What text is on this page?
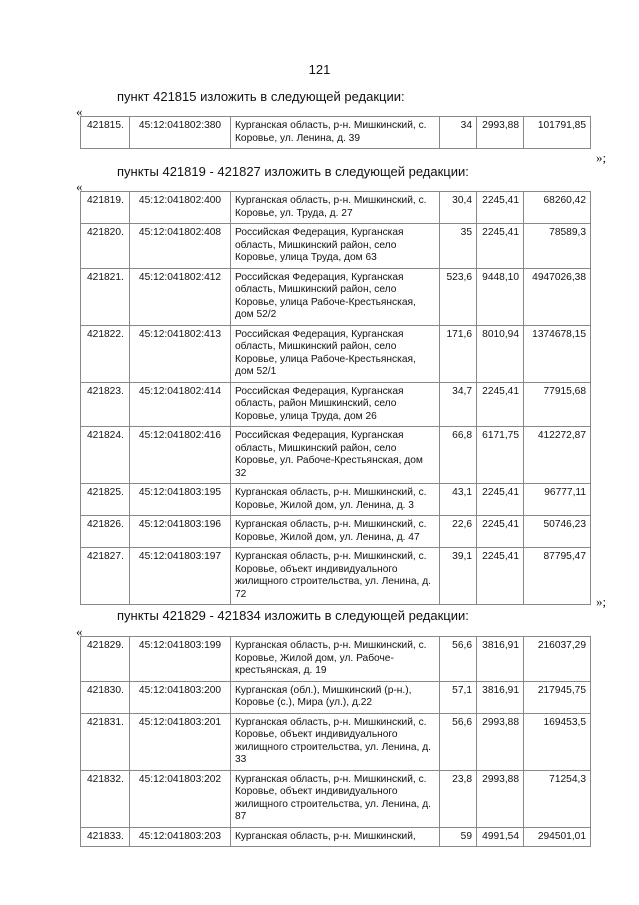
121
пункт 421815 изложить в следующей редакции:
«
421815.	45:12:041802:380	Курганская область, р-н. Мишкинский, с. Коровье, ул. Ленина, д. 39	34	2993,88	101791,85
»;
пункты 421819 - 421827 изложить в следующей редакции:
«
421819.	45:12:041802:400	Курганская область, р-н. Мишкинский, с. Коровье, ул. Труда, д. 27	30,4	2245,41	68260,42
421820.	45:12:041802:408	Российская Федерация, Курганская область, Мишкинский район, село Коровье, улица Труда, дом 63	35	2245,41	78589,3
421821.	45:12:041802:412	Российская Федерация, Курганская область, Мишкинский район, село Коровье, улица Рабоче-Крестьянская, дом 52/2	523,6	9448,10	4947026,38
421822.	45:12:041802:413	Российская Федерация, Курганская область, Мишкинский район, село Коровье, улица Рабоче-Крестьянская, дом 52/1	171,6	8010,94	1374678,15
421823.	45:12:041802:414	Российская Федерация, Курганская область, район Мишкинский, село Коровье, улица Труда, дом 26	34,7	2245,41	77915,68
421824.	45:12:041802:416	Российская Федерация, Курганская область, Мишкинский район, село Коровье, ул. Рабоче-Крестьянская, дом 32	66,8	6171,75	412272,87
421825.	45:12:041803:195	Курганская область, р-н. Мишкинский, с. Коровье, Жилой дом, ул. Ленина, д. 3	43,1	2245,41	96777,11
421826.	45:12:041803:196	Курганская область, р-н. Мишкинский, с. Коровье, Жилой дом, ул. Ленина, д. 47	22,6	2245,41	50746,23
421827.	45:12:041803:197	Курганская область, р-н. Мишкинский, с. Коровье, объект индивидуального жилищного строительства, ул. Ленина, д. 72	39,1	2245,41	87795,47
»;
пункты 421829 - 421834 изложить в следующей редакции:
«
421829.	45:12:041803:199	Курганская область, р-н. Мишкинский, с. Коровье, Жилой дом, ул. Рабоче-крестьянская, д. 19	56,6	3816,91	216037,29
421830.	45:12:041803:200	Курганская (обл.), Мишкинский (р-н.), Коровье (с.), Мира (ул.), д.22	57,1	3816,91	217945,75
421831.	45:12:041803:201	Курганская область, р-н. Мишкинский, с. Коровье, объект индивидуального жилищного строительства, ул. Ленина, д. 33	56,6	2993,88	169453,5
421832.	45:12:041803:202	Курганская область, р-н. Мишкинский, с. Коровье, объект индивидуального жилищного строительства, ул. Ленина, д. 87	23,8	2993,88	71254,3
421833.	45:12:041803:203	Курганская область, р-н. Мишкинский,	59	4991,54	294501,01
